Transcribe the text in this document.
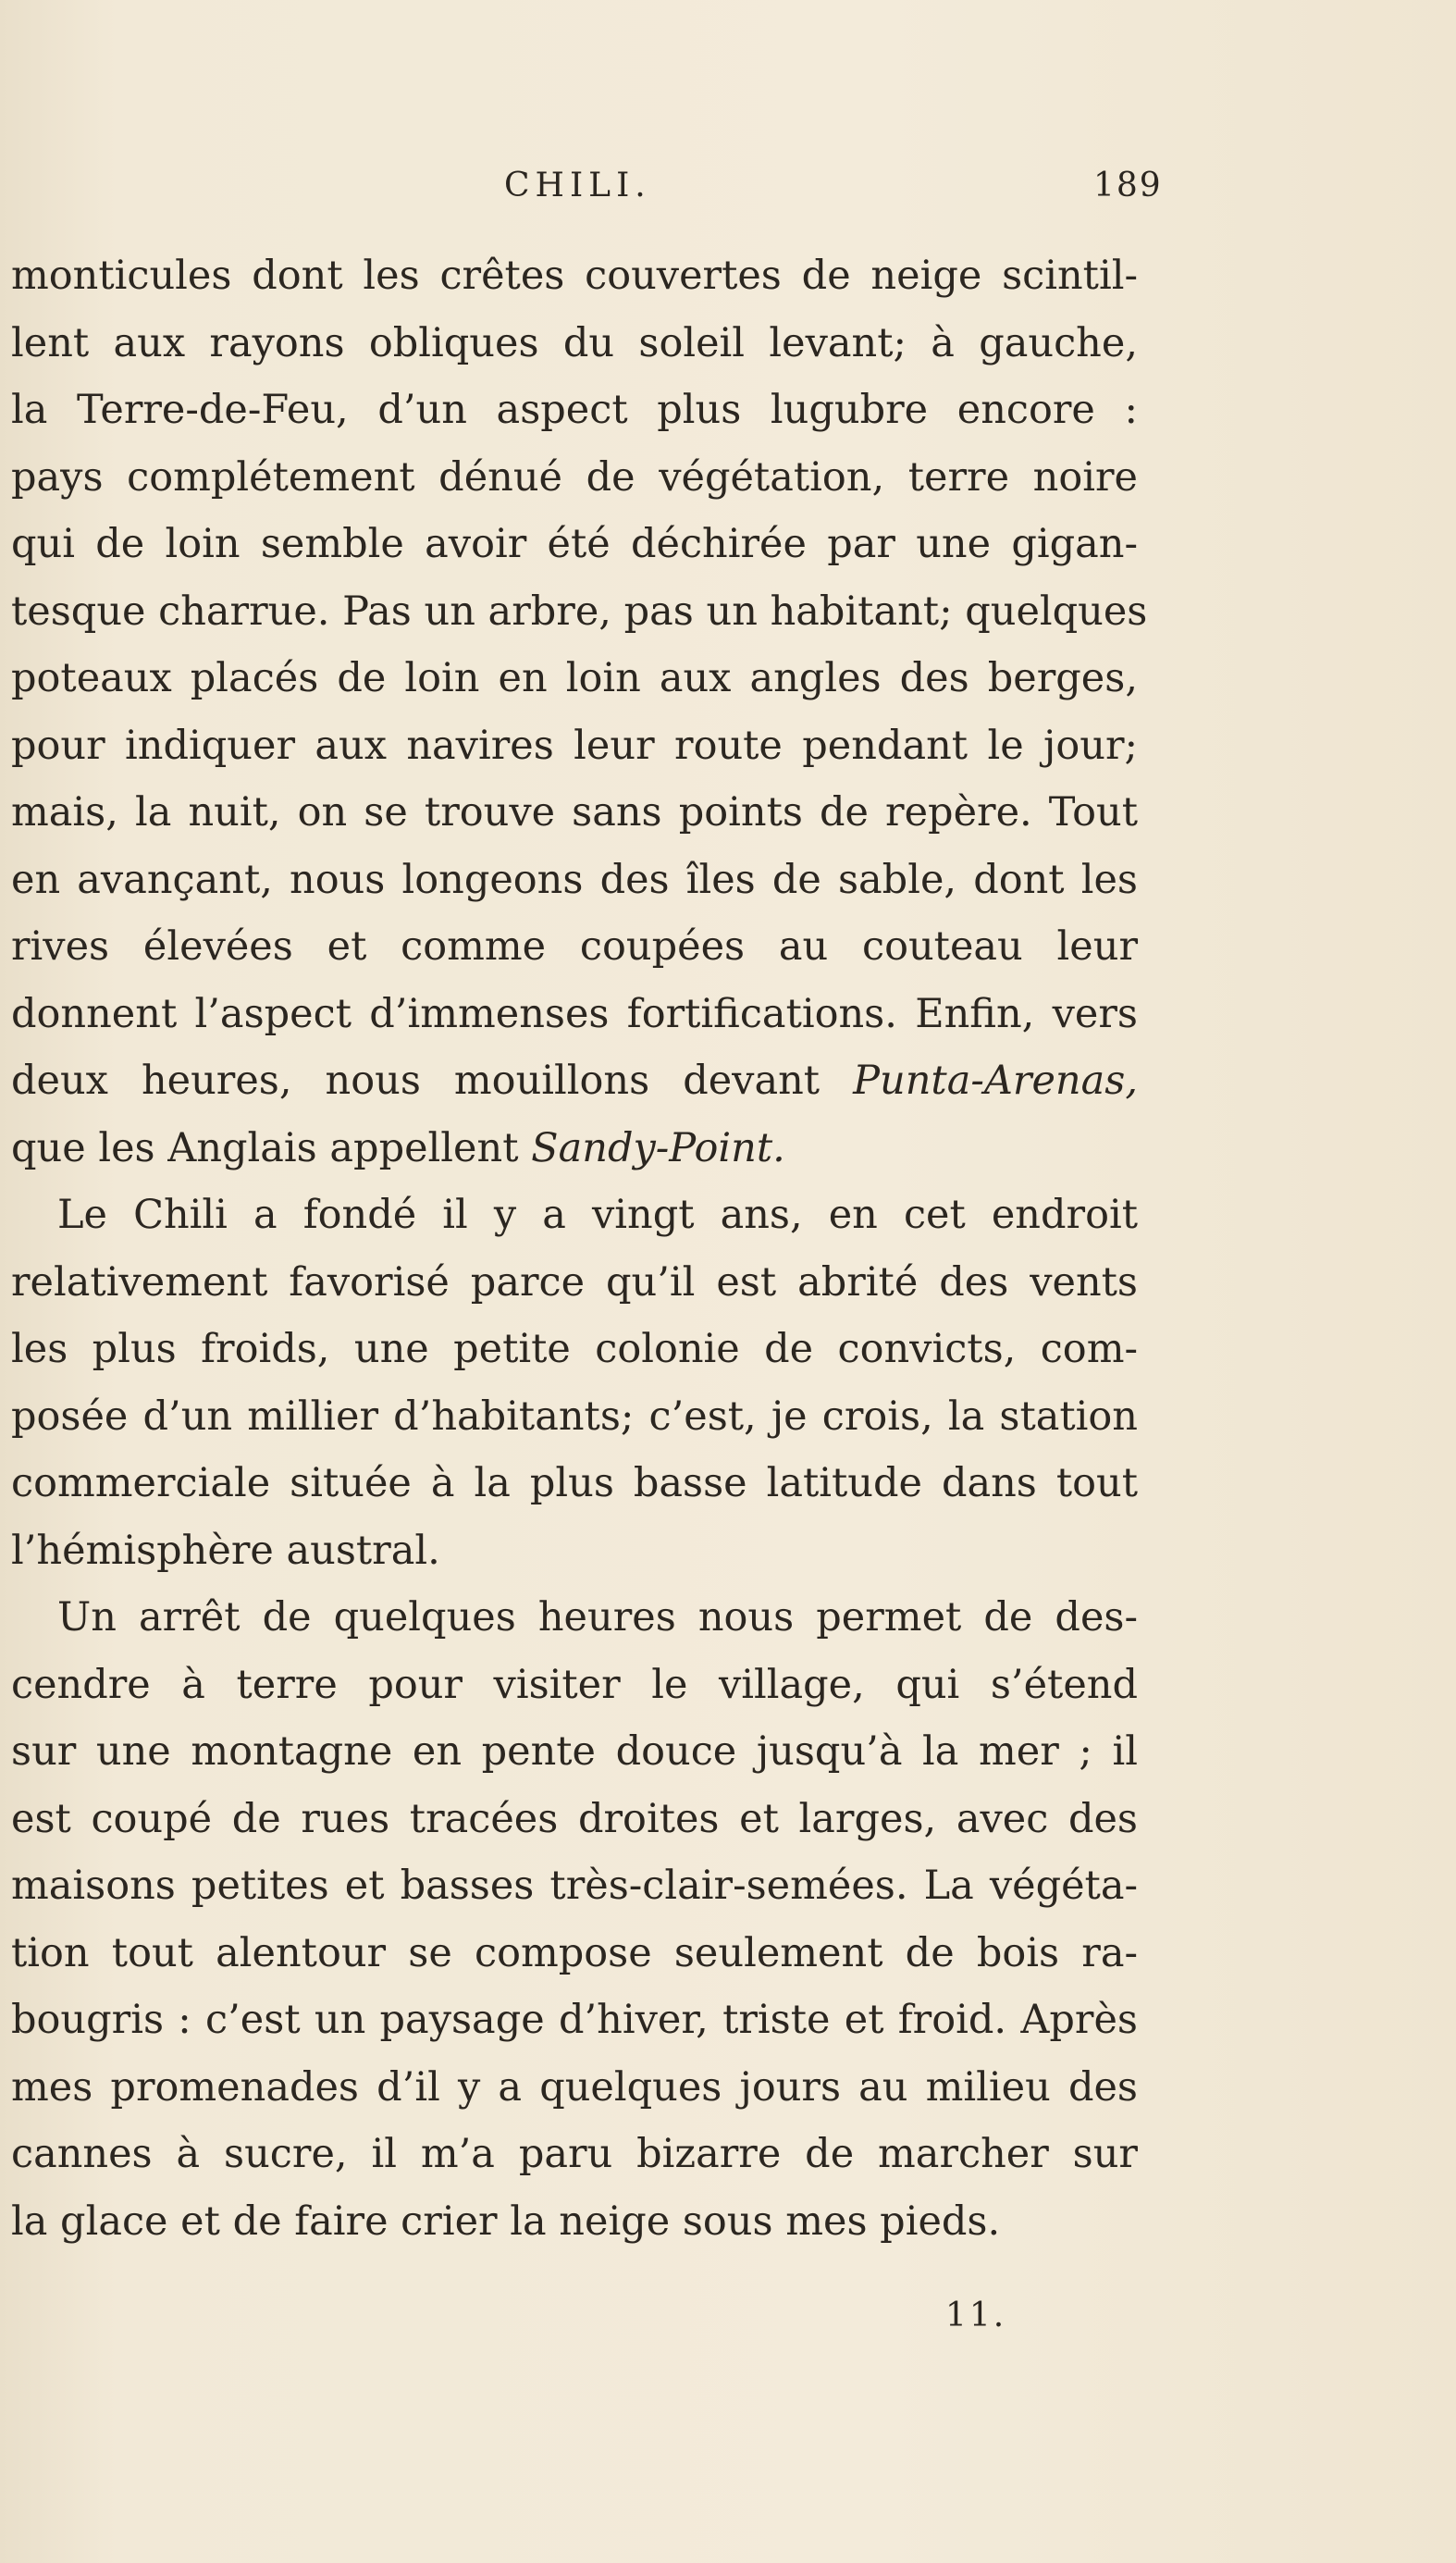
CHILI.	189
monticules dont les crêtes couvertes de neige scintil-
lent aux rayons obliques du soleil levant; à gauche,
la Terre-de-Feu, d’un aspect plus lugubre encore :
pays complétement dénué de végétation, terre noire
qui de loin semble avoir été déchirée par une gigan-
tesque charrue. Pas un arbre, pas un habitant; quelques
poteaux placés de loin en loin aux angles des berges,
pour indiquer aux navires leur route pendant le jour;
mais, la nuit, on se trouve sans points de repère. Tout
en avançant, nous longeons des îles de sable, dont les
rives élevées et comme coupées au couteau leur
donnent l’aspect d’immenses fortifications. Enfin, vers
deux heures, nous mouillons devant Punta-Arenas,
que les Anglais appellent Sandy-Point.
Le Chili a fondé il y a vingt ans, en cet endroit
relativement favorisé parce qu’il est abrité des vents
les plus froids, une petite colonie de convicts, com-
posée d’un millier d’habitants; c’est, je crois, la station
commerciale située à la plus basse latitude dans tout
l’hémisphère austral.
Un arrêt de quelques heures nous permet de des-
cendre à terre pour visiter le village, qui s’étend
sur une montagne en pente douce jusqu’à la mer ; il
est coupé de rues tracées droites et larges, avec des
maisons petites et basses très-clair-semées. La végéta-
tion tout alentour se compose seulement de bois ra-
bougris : c’est un paysage d’hiver, triste et froid. Après
mes promenades d’il y a quelques jours au milieu des
cannes à sucre, il m’a paru bizarre de marcher sur
la glace et de faire crier la neige sous mes pieds.
11.
